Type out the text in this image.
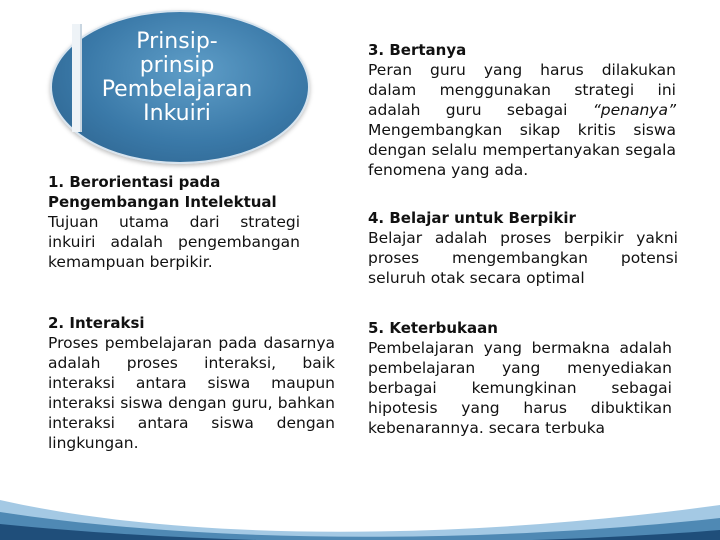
Prinsip-
prinsip
Pembelajaran
Inkuiri
1. Berorientasi pada Pengembangan Intelektual
Tujuan utama dari strategi inkuiri adalah pengembangan kemampuan berpikir.
2. Interaksi
Proses pembelajaran pada dasarnya adalah proses interaksi, baik interaksi antara siswa maupun interaksi siswa dengan guru, bahkan interaksi antara siswa dengan lingkungan.
3. Bertanya
Peran guru yang harus dilakukan dalam menggunakan strategi ini adalah guru sebagai “penanya” Mengembangkan sikap kritis siswa dengan selalu mempertanyakan segala fenomena yang ada.
4. Belajar untuk Berpikir
Belajar adalah proses berpikir yakni proses mengembangkan potensi seluruh otak secara optimal
5. Keterbukaan
Pembelajaran yang bermakna adalah pembelajaran yang menyediakan berbagai kemungkinan sebagai hipotesis yang harus dibuktikan kebenarannya. secara terbuka
